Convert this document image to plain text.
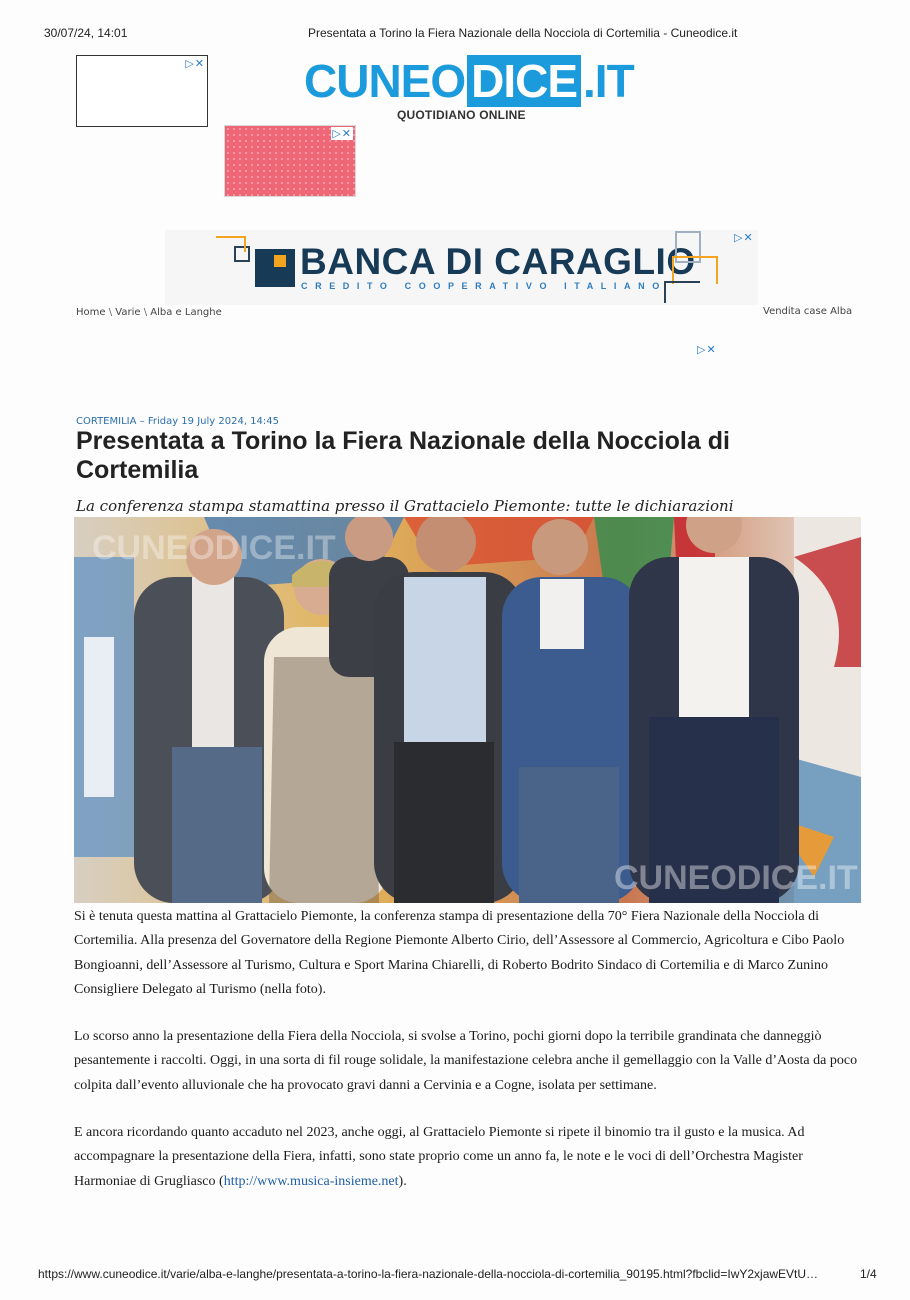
30/07/24, 14:01	Presentata a Torino la Fiera Nazionale della Nocciola di Cortemilia - Cuneodice.it
▷✕
▷✕
CUNEO DICE .IT
QUOTIDIANO ONLINE
BANCA DI CARAGLIO
CREDITO COOPERATIVO ITALIANO
▷✕
Home \ Varie \ Alba e Langhe	Vendita case Alba
▷✕
CORTEMILIA – Friday 19 July 2024, 14:45
Presentata a Torino la Fiera Nazionale della Nocciola di Cortemilia
La conferenza stampa stamattina presso il Grattacielo Piemonte: tutte le dichiarazioni
CUNEODICE.IT
CUNEODICE.IT

Si è tenuta questa mattina al Grattacielo Piemonte, la conferenza stampa di presentazione della 70° Fiera Nazionale della Nocciola di Cortemilia. Alla presenza del Governatore della Regione Piemonte Alberto Cirio, dell’Assessore al Commercio, Agricoltura e Cibo Paolo Bongioanni, dell’Assessore al Turismo, Cultura e Sport Marina Chiarelli, di Roberto Bodrito Sindaco di Cortemilia e di Marco Zunino Consigliere Delegato al Turismo (nella foto).

Lo scorso anno la presentazione della Fiera della Nocciola, si svolse a Torino, pochi giorni dopo la terribile grandinata che danneggiò pesantemente i raccolti. Oggi, in una sorta di fil rouge solidale, la manifestazione celebra anche il gemellaggio con la Valle d’Aosta da poco colpita dall’evento alluvionale che ha provocato gravi danni a Cervinia e a Cogne, isolata per settimane.

E ancora ricordando quanto accaduto nel 2023, anche oggi, al Grattacielo Piemonte si ripete il binomio tra il gusto e la musica. Ad accompagnare la presentazione della Fiera, infatti, sono state proprio come un anno fa, le note e le voci di dell’Orchestra Magister Harmoniae di Grugliasco (http://www.musica-insieme.net).

https://www.cuneodice.it/varie/alba-e-langhe/presentata-a-torino-la-fiera-nazionale-della-nocciola-di-cortemilia_90195.html?fbclid=IwY2xjawEVtU…	1/4
